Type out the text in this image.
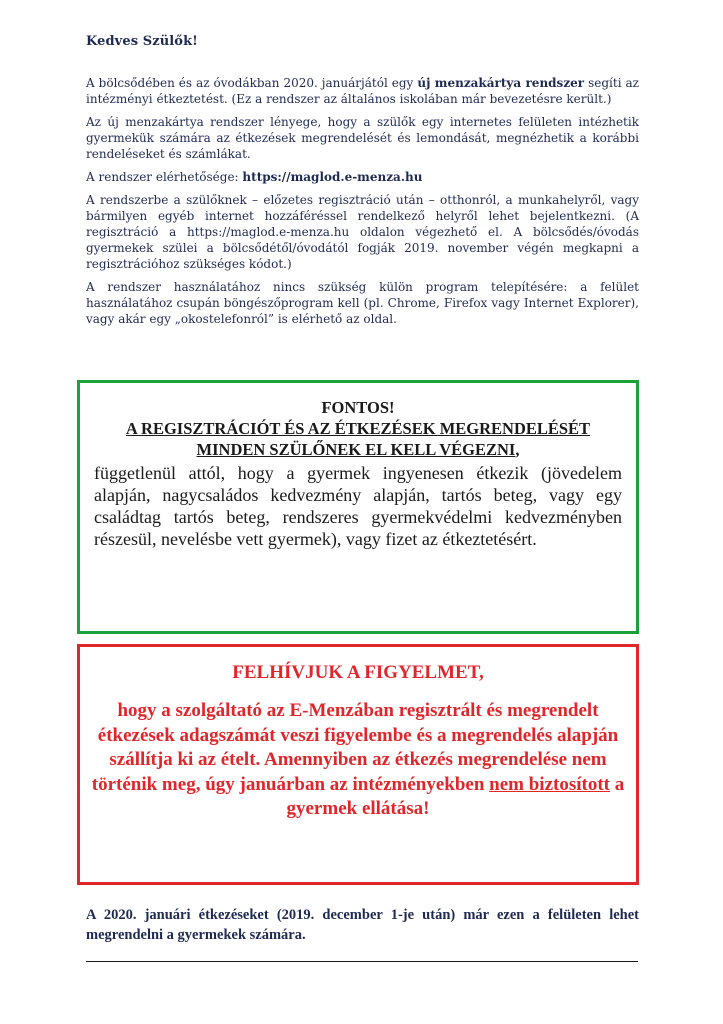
Kedves Szülők!

A bölcsődében és az óvodákban 2020. januárjától egy új menzakártya rendszer segíti az intézményi étkeztetést. (Ez a rendszer az általános iskolában már bevezetésre került.)

Az új menzakártya rendszer lényege, hogy a szülők egy internetes felületen intézhetik gyermekük számára az étkezések megrendelését és lemondását, megnézhetik a korábbi rendeléseket és számlákat.

A rendszer elérhetősége: https://maglod.e-menza.hu

A rendszerbe a szülőknek – előzetes regisztráció után – otthonról, a munkahelyről, vagy bármilyen egyéb internet hozzáféréssel rendelkező helyről lehet bejelentkezni. (A regisztráció a https://maglod.e-menza.hu oldalon végezhető el. A bölcsődés/óvodás gyermekek szülei a bölcsődétől/óvodától fogják 2019. november végén megkapni a regisztrációhoz szükséges kódot.)

A rendszer használatához nincs szükség külön program telepítésére: a felület használatához csupán böngészőprogram kell (pl. Chrome, Firefox vagy Internet Explorer), vagy akár egy „okostelefonról” is elérhető az oldal.

FONTOS!
A REGISZTRÁCIÓT ÉS AZ ÉTKEZÉSEK MEGRENDELÉSÉT MINDEN SZÜLŐNEK EL KELL VÉGEZNI,
függetlenül attól, hogy a gyermek ingyenesen étkezik (jövedelem alapján, nagycsaládos kedvezmény alapján, tartós beteg, vagy egy családtag tartós beteg, rendszeres gyermekvédelmi kedvezményben részesül, nevelésbe vett gyermek), vagy fizet az étkeztetésért.
FELHÍVJUK A FIGYELMET,
hogy a szolgáltató az E-Menzában regisztrált és megrendelt étkezések adagszámát veszi figyelembe és a megrendelés alapján szállítja ki az ételt. Amennyiben az étkezés megrendelése nem történik meg, úgy januárban az intézményekben nem biztosított a gyermek ellátása!
A 2020. januári étkezéseket (2019. december 1-je után) már ezen a felületen lehet megrendelni a gyermekek számára.
